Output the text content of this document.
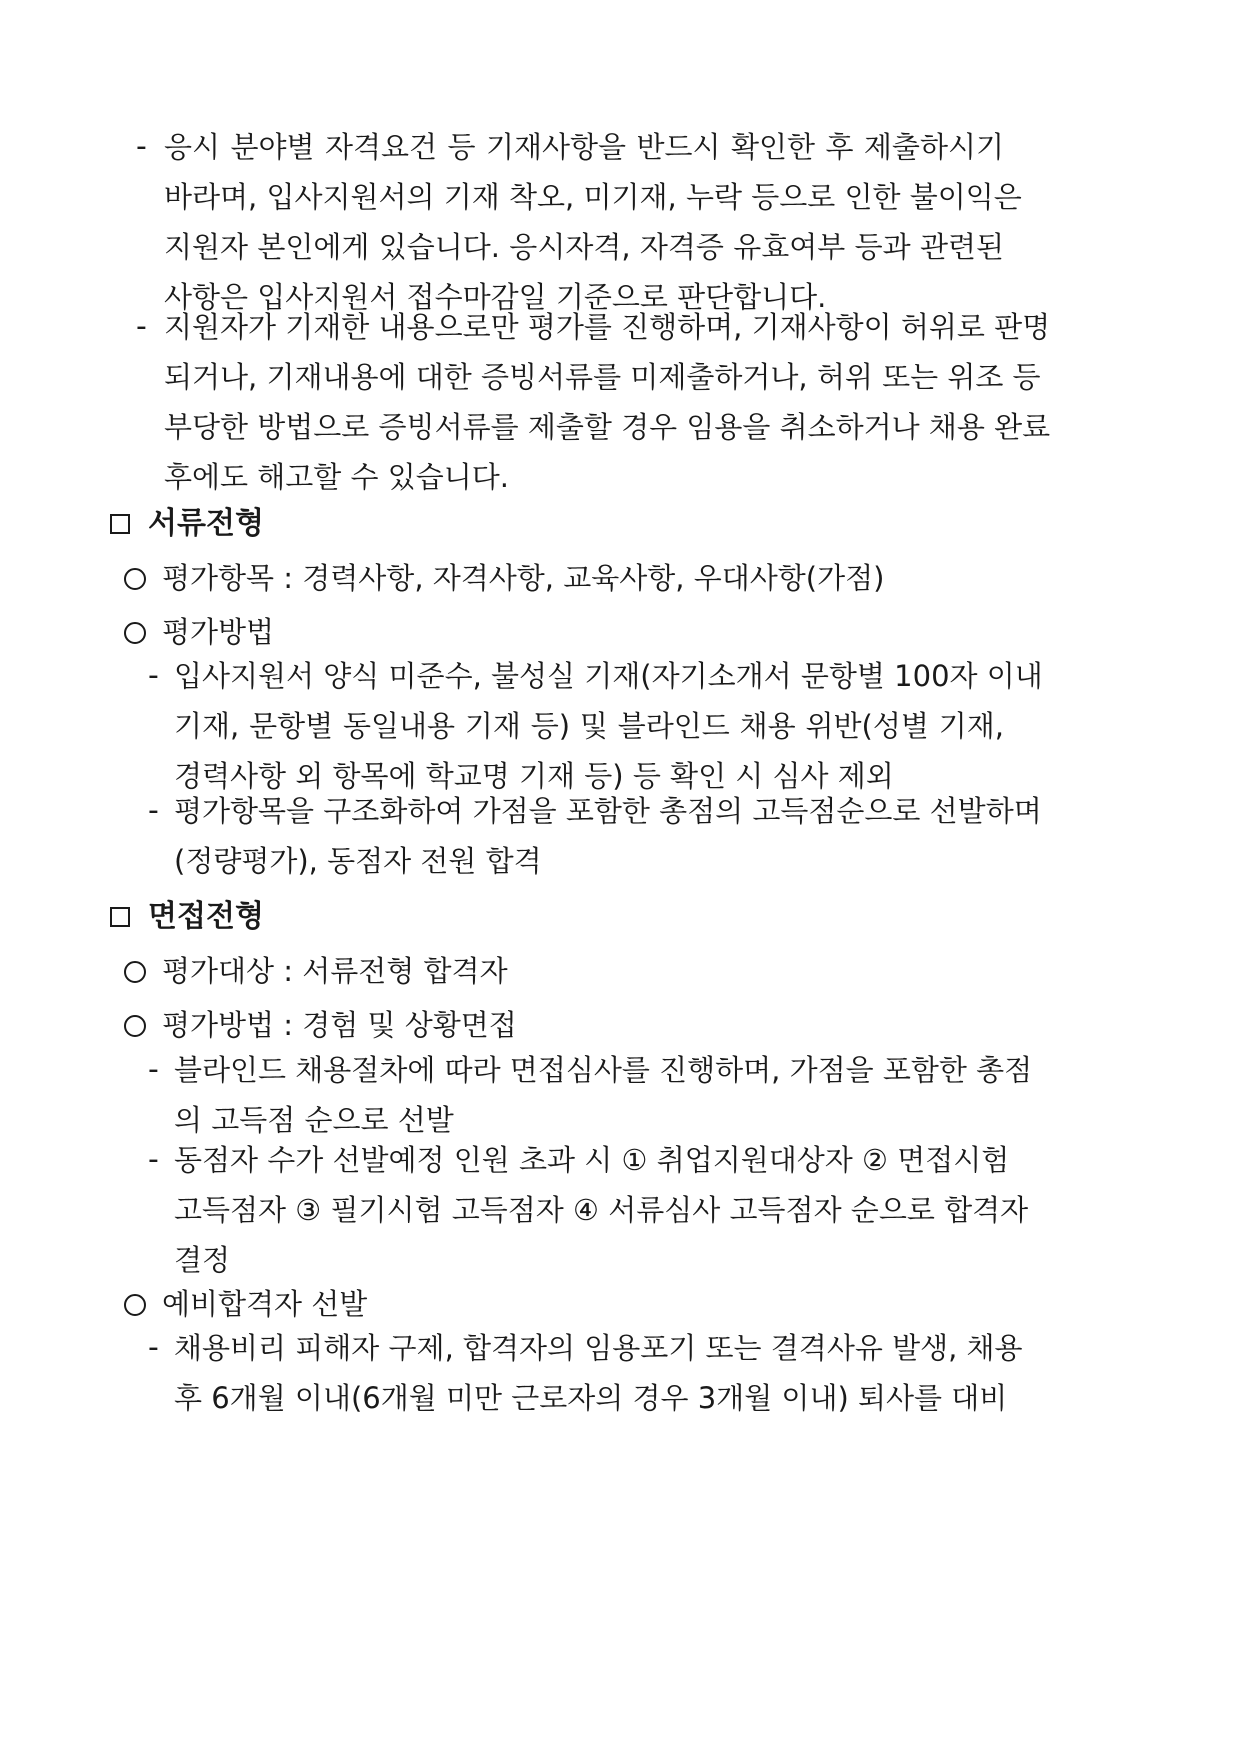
- 응시 분야별 자격요건 등 기재사항을 반드시 확인한 후 제출하시기
바라며, 입사지원서의 기재 착오, 미기재, 누락 등으로 인한 불이익은
지원자 본인에게 있습니다. 응시자격, 자격증 유효여부 등과 관련된
사항은 입사지원서 접수마감일 기준으로 판단합니다.
- 지원자가 기재한 내용으로만 평가를 진행하며, 기재사항이 허위로 판명
되거나, 기재내용에 대한 증빙서류를 미제출하거나, 허위 또는 위조 등
부당한 방법으로 증빙서류를 제출할 경우 임용을 취소하거나 채용 완료
후에도 해고할 수 있습니다.
서류전형
평가항목 : 경력사항, 자격사항, 교육사항, 우대사항(가점)
평가방법
- 입사지원서 양식 미준수, 불성실 기재(자기소개서 문항별 100자 이내
기재, 문항별 동일내용 기재 등) 및 블라인드 채용 위반(성별 기재,
경력사항 외 항목에 학교명 기재 등) 등 확인 시 심사 제외
- 평가항목을 구조화하여 가점을 포함한 총점의 고득점순으로 선발하며
(정량평가), 동점자 전원 합격
면접전형
평가대상 : 서류전형 합격자
평가방법 : 경험 및 상황면접
- 블라인드 채용절차에 따라 면접심사를 진행하며, 가점을 포함한 총점
의 고득점 순으로 선발
- 동점자 수가 선발예정 인원 초과 시 ① 취업지원대상자 ② 면접시험
고득점자 ③ 필기시험 고득점자 ④ 서류심사 고득점자 순으로 합격자
결정
예비합격자 선발
- 채용비리 피해자 구제, 합격자의 임용포기 또는 결격사유 발생, 채용
후 6개월 이내(6개월 미만 근로자의 경우 3개월 이내) 퇴사를 대비
